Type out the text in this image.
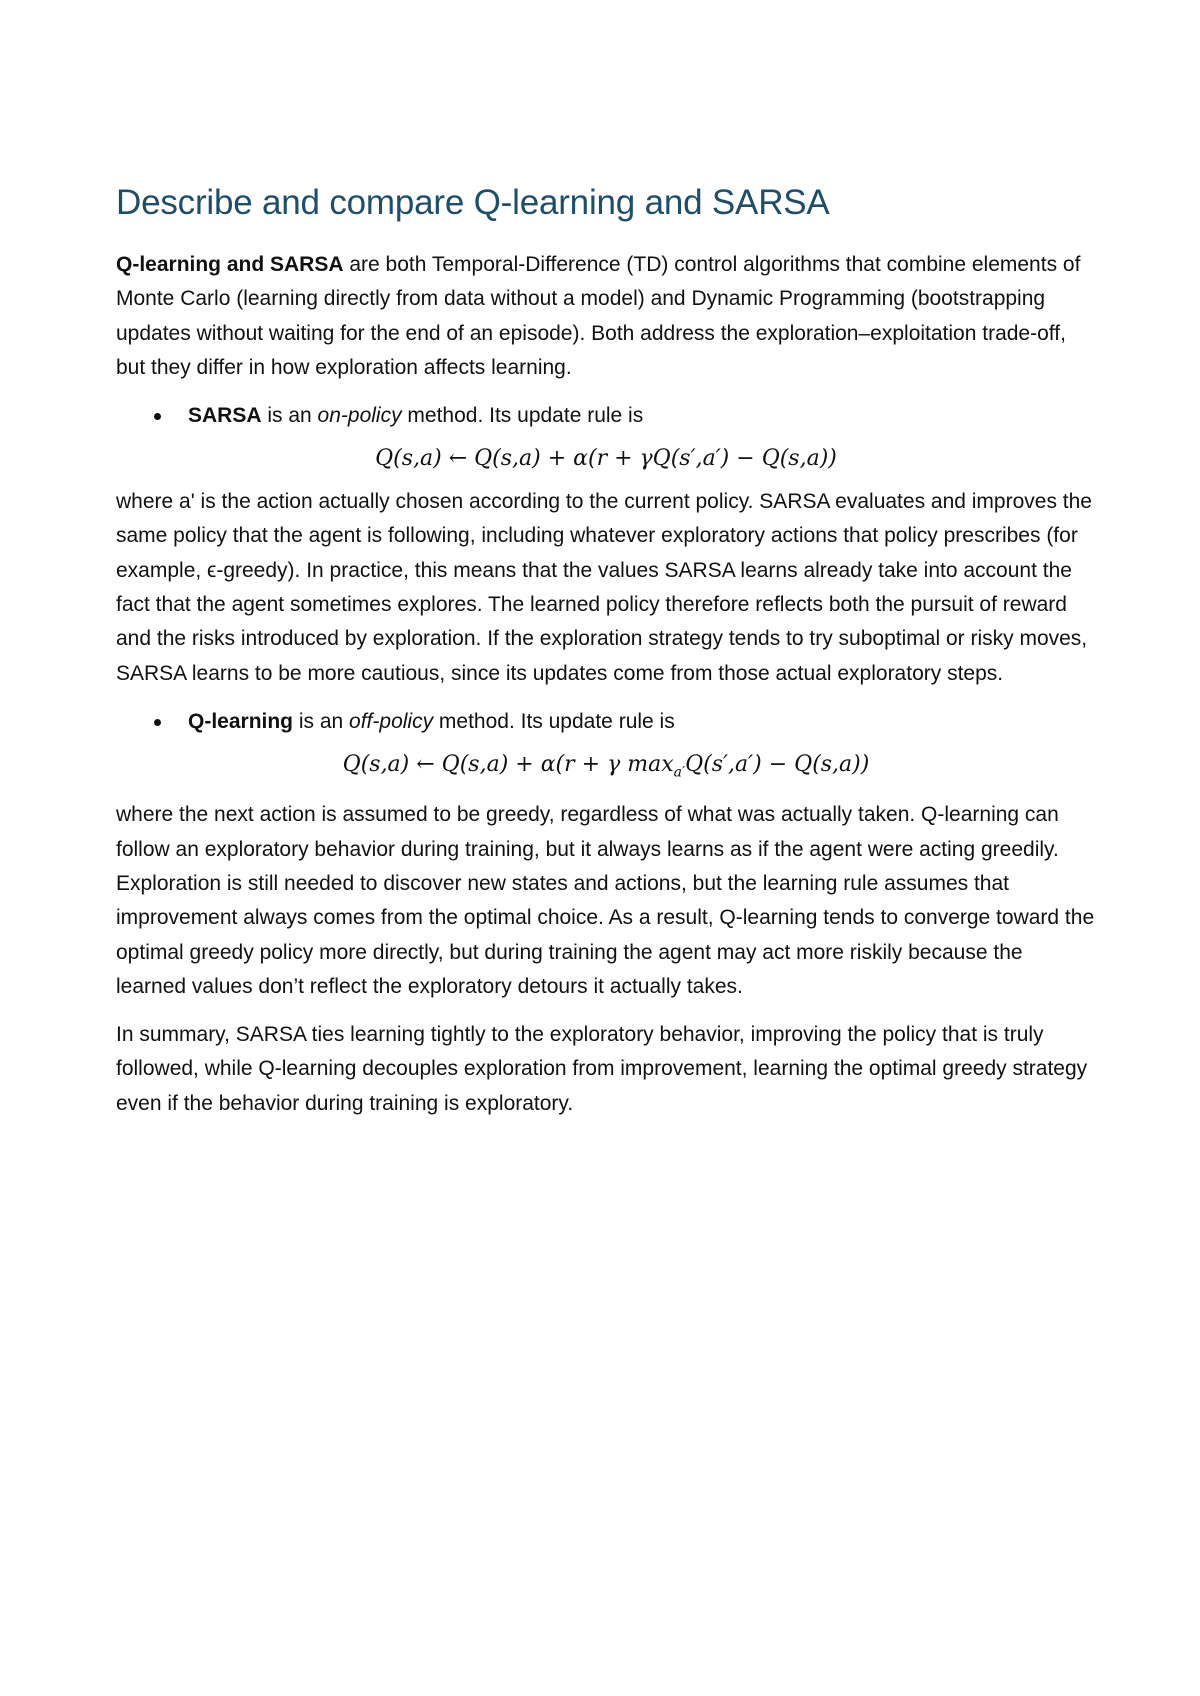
Describe and compare Q-learning and SARSA

Q-learning and SARSA are both Temporal-Difference (TD) control algorithms that combine elements of Monte Carlo (learning directly from data without a model) and Dynamic Programming (bootstrapping updates without waiting for the end of an episode). Both address the exploration–exploitation trade-off, but they differ in how exploration affects learning.

SARSA is an on-policy method. Its update rule is
Q(s,a) ← Q(s,a) + α(r + γQ(s′,a′) − Q(s,a))

where a' is the action actually chosen according to the current policy. SARSA evaluates and improves the same policy that the agent is following, including whatever exploratory actions that policy prescribes (for example, ϵ-greedy). In practice, this means that the values SARSA learns already take into account the fact that the agent sometimes explores. The learned policy therefore reflects both the pursuit of reward and the risks introduced by exploration. If the exploration strategy tends to try suboptimal or risky moves, SARSA learns to be more cautious, since its updates come from those actual exploratory steps.

Q-learning is an off-policy method. Its update rule is
Q(s,a) ← Q(s,a) + α(r + γ $\max_{a'}Q(s',a') - Q(s,a)$)

where the next action is assumed to be greedy, regardless of what was actually taken. Q-learning can follow an exploratory behavior during training, but it always learns as if the agent were acting greedily. Exploration is still needed to discover new states and actions, but the learning rule assumes that improvement always comes from the optimal choice. As a result, Q-learning tends to converge toward the optimal greedy policy more directly, but during training the agent may act more riskily because the learned values don’t reflect the exploratory detours it actually takes.

In summary, SARSA ties learning tightly to the exploratory behavior, improving the policy that is truly followed, while Q-learning decouples exploration from improvement, learning the optimal greedy strategy even if the behavior during training is exploratory.
